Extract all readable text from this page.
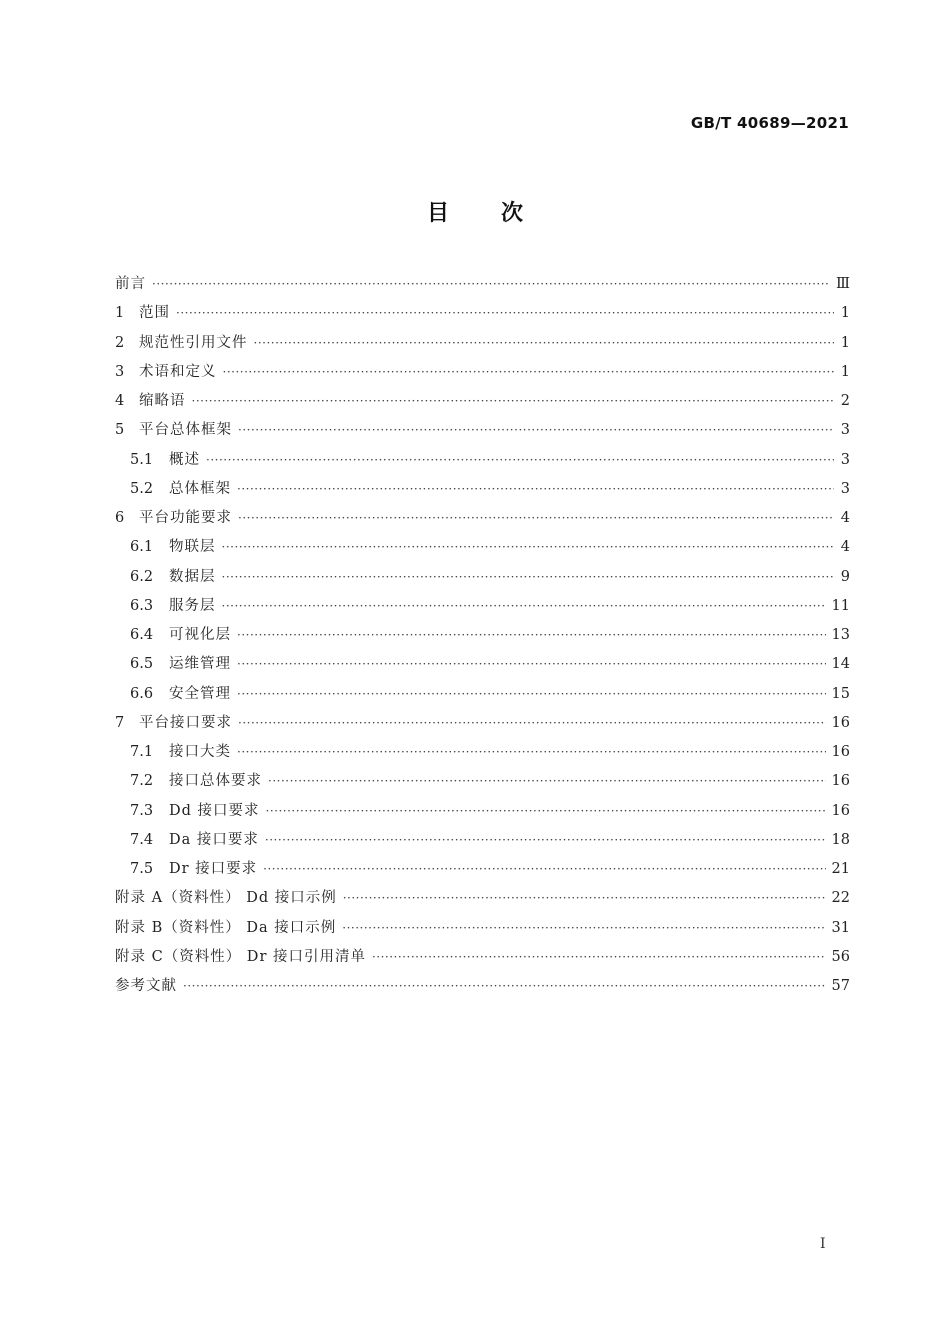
GB/T 40689—2021
目 次
前言 ·····	Ⅲ
1	范围 ·····	1
2	规范性引用文件 ·····	1
3	术语和定义 ·····	1
4	缩略语 ·····	2
5	平台总体框架 ·····	3
5.1	概述 ·····	3
5.2	总体框架 ·····	3
6	平台功能要求 ·····	4
6.1	物联层 ·····	4
6.2	数据层 ·····	9
6.3	服务层 ·····	11
6.4	可视化层 ·····	13
6.5	运维管理 ·····	14
6.6	安全管理 ·····	15
7	平台接口要求 ·····	16
7.1	接口大类 ·····	16
7.2	接口总体要求 ·····	16
7.3	Dd 接口要求 ·····	16
7.4	Da 接口要求 ·····	18
7.5	Dr 接口要求 ·····	21
附录 A（资料性） Dd 接口示例 ·····	22
附录 B（资料性） Da 接口示例 ·····	31
附录 C（资料性） Dr 接口引用清单 ·····	56
参考文献 ·····	57
I
